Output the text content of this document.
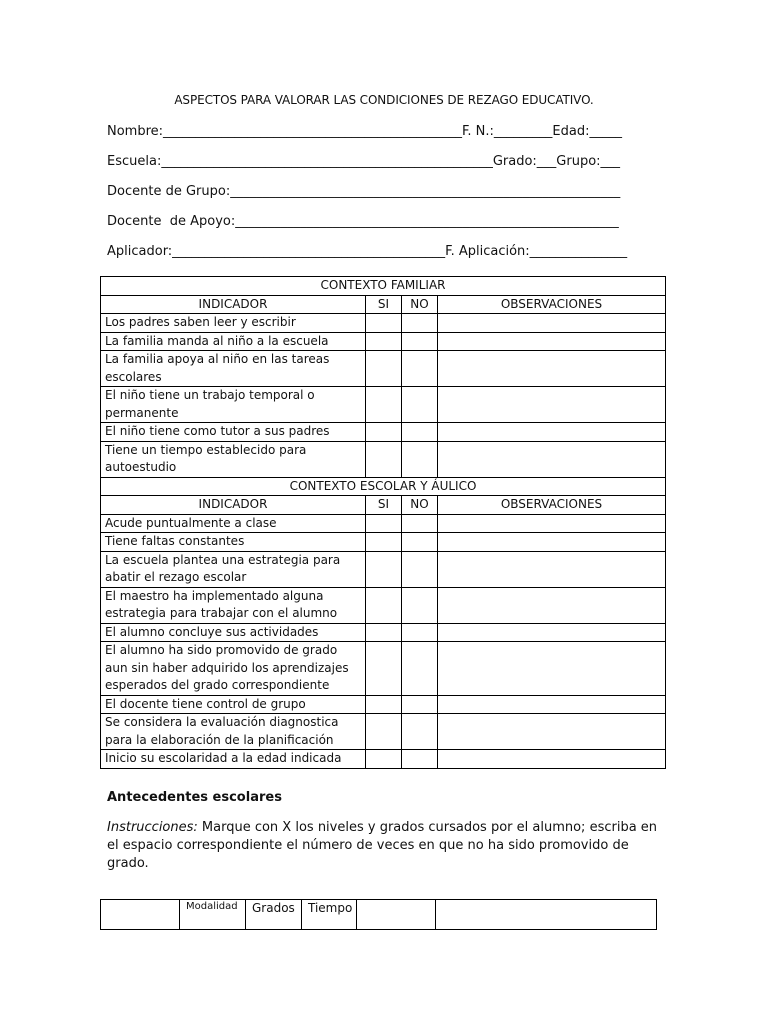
ASPECTOS PARA VALORAR LAS CONDICIONES DE REZAGO EDUCATIVO.
Nombre:______________________________________________F. N.:_________Edad:_____
Escuela:___________________________________________________Grado:___Grupo:___
Docente de Grupo:____________________________________________________________
Docente  de Apoyo:___________________________________________________________
Aplicador:__________________________________________F. Aplicación:_______________
CONTEXTO FAMILIAR			
INDICADOR	SI	NO	OBSERVACIONES
Los padres saben leer y escribir			
La familia manda al niño a la escuela			
La familia apoya al niño en las tareas escolares			
El niño tiene un trabajo temporal o permanente			
El niño tiene como tutor a sus padres			
Tiene un tiempo establecido para autoestudio			
CONTEXTO ESCOLAR Y ÁULICO			
INDICADOR	SI	NO	OBSERVACIONES
Acude puntualmente a clase			
Tiene faltas constantes			
La escuela plantea una estrategia para abatir el rezago escolar			
El maestro ha implementado alguna estrategia para trabajar con el alumno			
El alumno concluye sus actividades			
El alumno ha sido promovido de grado aun sin haber adquirido los aprendizajes esperados del grado correspondiente			
El docente tiene control de grupo			
Se considera la evaluación diagnostica para la elaboración de la planificación			
Inicio su escolaridad a la edad indicada			
Antecedentes escolares
Instrucciones: Marque con X los niveles y grados cursados por el alumno; escriba en el espacio correspondiente el número de veces en que no ha sido promovido de grado.
	Modalidad	Grados	Tiempo		
